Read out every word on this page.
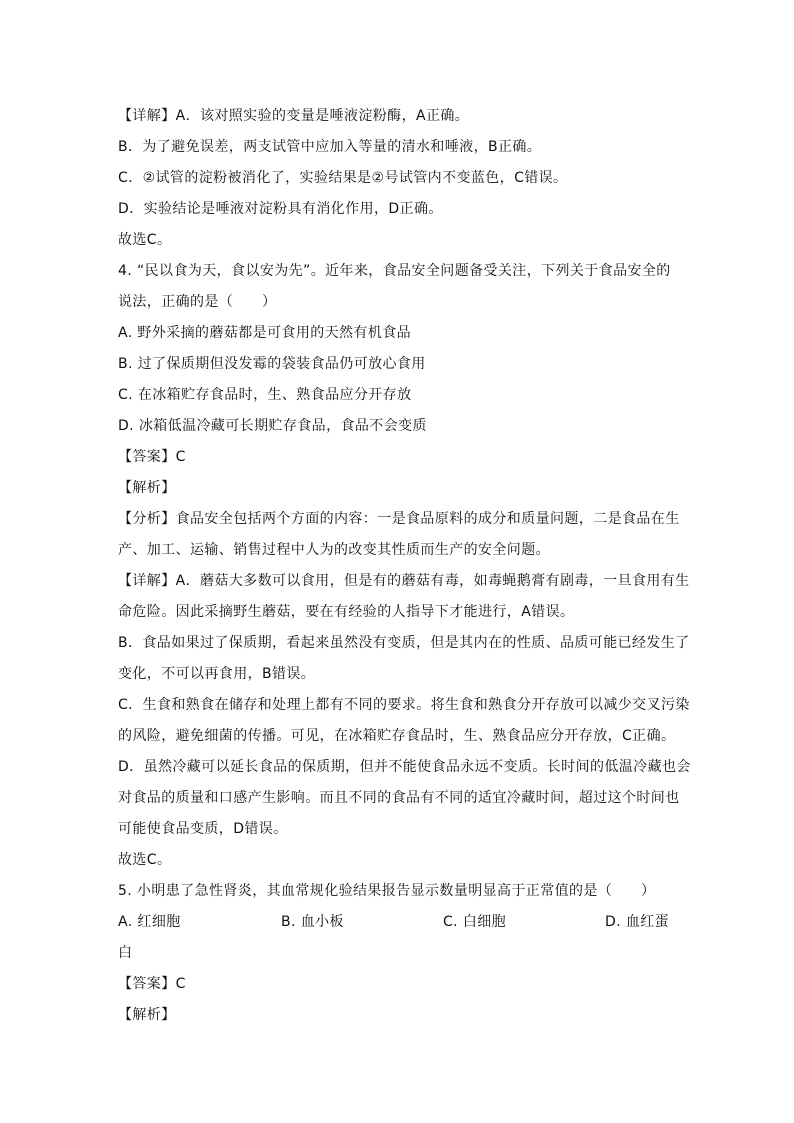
【详解】A．该对照实验的变量是唾液淀粉酶，A正确。
B．为了避免误差，两支试管中应加入等量的清水和唾液，B正确。
C．②试管的淀粉被消化了，实验结果是②号试管内不变蓝色，C错误。
D．实验结论是唾液对淀粉具有消化作用，D正确。
故选C。
4. “民以食为天，食以安为先”。近年来，食品安全问题备受关注，下列关于食品安全的
说法，正确的是（　　）
A. 野外采摘的蘑菇都是可食用的天然有机食品
B. 过了保质期但没发霉的袋装食品仍可放心食用
C. 在冰箱贮存食品时，生、熟食品应分开存放
D. 冰箱低温冷藏可长期贮存食品，食品不会变质
【答案】C
【解析】
【分析】食品安全包括两个方面的内容：一是食品原料的成分和质量问题，二是食品在生
产、加工、运输、销售过程中人为的改变其性质而生产的安全问题。
【详解】A．蘑菇大多数可以食用，但是有的蘑菇有毒，如毒蝇鹅膏有剧毒，一旦食用有生
命危险。因此采摘野生蘑菇，要在有经验的人指导下才能进行，A错误。
B．食品如果过了保质期，看起来虽然没有变质，但是其内在的性质、品质可能已经发生了
变化，不可以再食用，B错误。
C．生食和熟食在储存和处理上都有不同的要求。将生食和熟食分开存放可以减少交叉污染
的风险，避免细菌的传播。可见，在冰箱贮存食品时，生、熟食品应分开存放，C正确。
D．虽然冷藏可以延长食品的保质期，但并不能使食品永远不变质。长时间的低温冷藏也会
对食品的质量和口感产生影响。而且不同的食品有不同的适宜冷藏时间，超过这个时间也
可能使食品变质，D错误。
故选C。
5. 小明患了急性肾炎，其血常规化验结果报告显示数量明显高于正常值的是（　　）
A. 红细胞	B. 血小板	C. 白细胞	D. 血红蛋
白
【答案】C
【解析】
